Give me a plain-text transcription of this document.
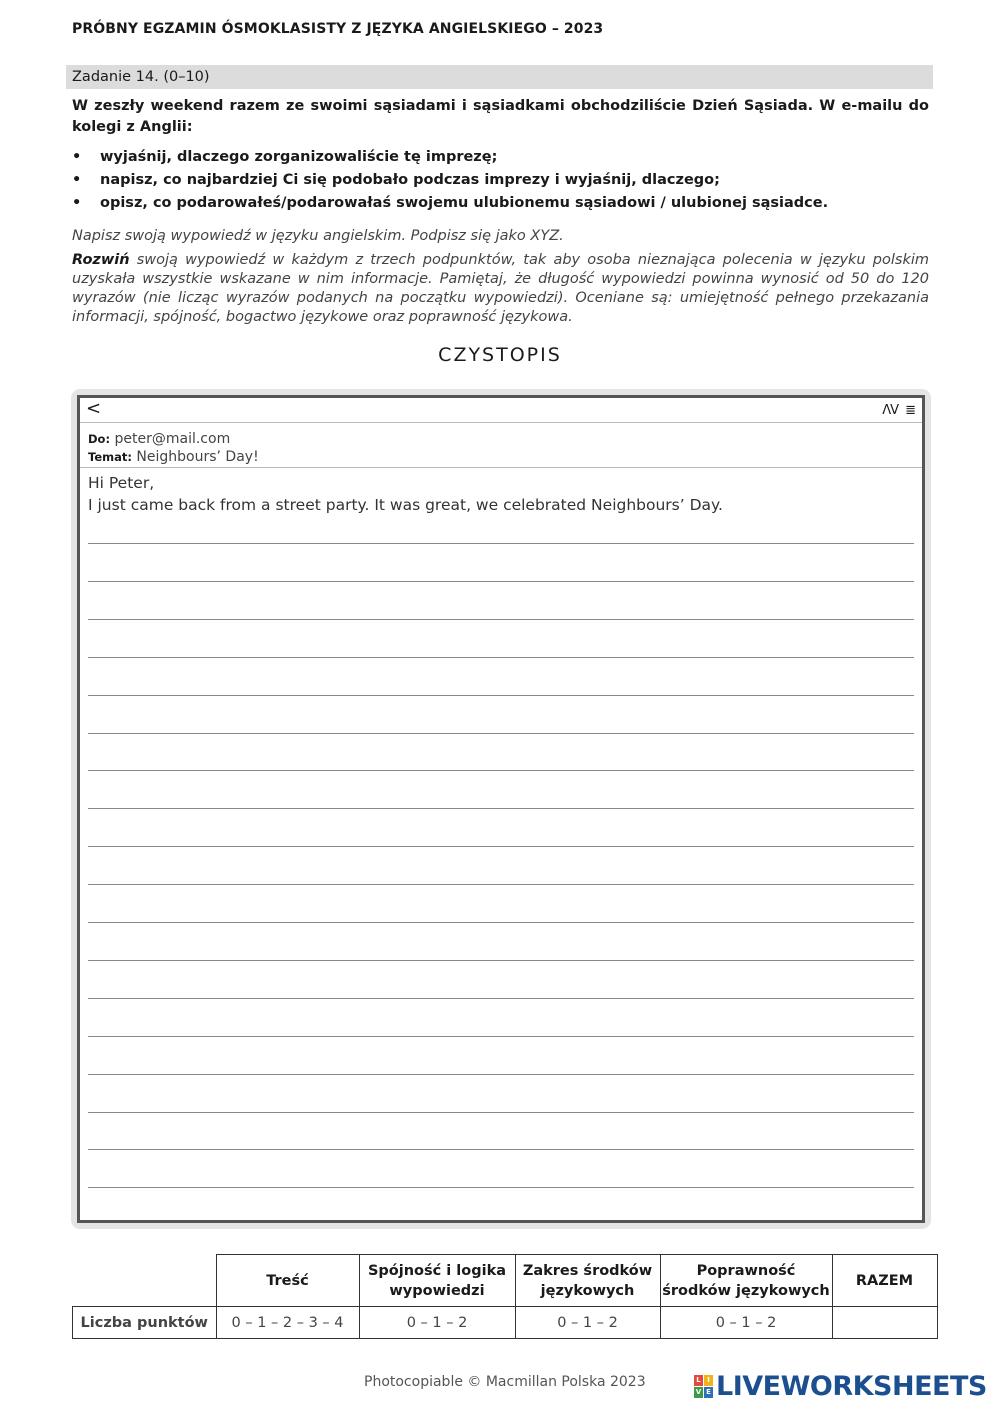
PRÓBNY EGZAMIN ÓSMOKLASISTY Z JĘZYKA ANGIELSKIEGO – 2023
Zadanie 14. (0–10)
W zeszły weekend razem ze swoimi sąsiadami i sąsiadkami obchodziliście Dzień Sąsiada. W e-mailu do kolegi z Anglii:
• wyjaśnij, dlaczego zorganizowaliście tę imprezę;
• napisz, co najbardziej Ci się podobało podczas imprezy i wyjaśnij, dlaczego;
• opisz, co podarowałeś/podarowałaś swojemu ulubionemu sąsiadowi / ulubionej sąsiadce.
Napisz swoją wypowiedź w języku angielskim. Podpisz się jako XYZ.
Rozwiń swoją wypowiedź w każdym z trzech podpunktów, tak aby osoba nieznająca polecenia w języku polskim uzyskała wszystkie wskazane w nim informacje. Pamiętaj, że długość wypowiedzi powinna wynosić od 50 do 120 wyrazów (nie licząc wyrazów podanych na początku wypowiedzi). Oceniane są: umiejętność pełnego przekazania informacji, spójność, bogactwo językowe oraz poprawność językowa.
CZYSTOPIS
<	ΛV ≣
Do: peter@mail.com
Temat: Neighbours’ Day!
Hi Peter,
I just came back from a street party. It was great, we celebrated Neighbours’ Day.
	Treść	Spójność i logika wypowiedzi	Zakres środków językowych	Poprawność środków językowych	RAZEM
Liczba punktów	0 – 1 – 2 – 3 – 4	0 – 1 – 2	0 – 1 – 2	0 – 1 – 2	
Photocopiable © Macmillan Polska 2023	L I
V E LIVEWORKSHEETS
